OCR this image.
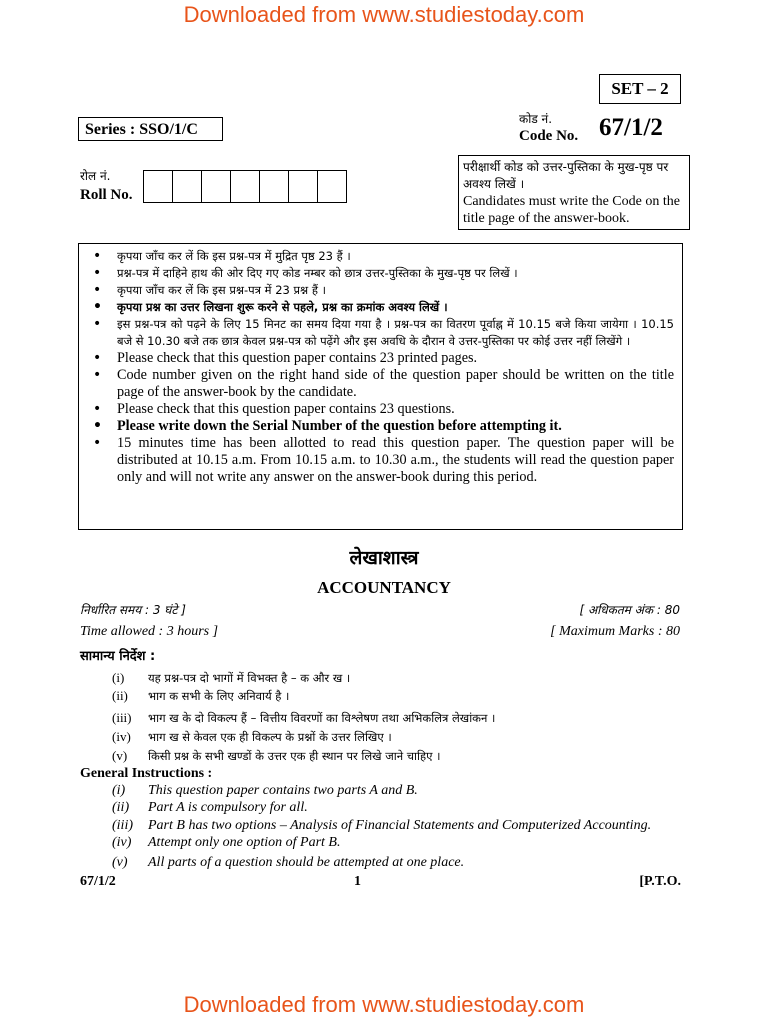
Downloaded from www.studiestoday.com
SET – 2
Series : SSO/1/C
कोड नं.
Code No. 67/1/2
रोल नं.
Roll No.
परीक्षार्थी कोड को उत्तर-पुस्तिका के मुख-पृष्ठ पर अवश्य लिखें ।
Candidates must write the Code on the title page of the answer-book.
• कृपया जाँच कर लें कि इस प्रश्न-पत्र में मुद्रित पृष्ठ 23 हैं ।
• प्रश्न-पत्र में दाहिने हाथ की ओर दिए गए कोड नम्बर को छात्र उत्तर-पुस्तिका के मुख-पृष्ठ पर लिखें ।
• कृपया जाँच कर लें कि इस प्रश्न-पत्र में 23 प्रश्न हैं ।
• कृपया प्रश्न का उत्तर लिखना शुरू करने से पहले, प्रश्न का क्रमांक अवश्य लिखें ।
• इस प्रश्न-पत्र को पढ़ने के लिए 15 मिनट का समय दिया गया है । प्रश्न-पत्र का वितरण पूर्वाह्न में 10.15 बजे किया जायेगा । 10.15 बजे से 10.30 बजे तक छात्र केवल प्रश्न-पत्र को पढ़ेंगे और इस अवधि के दौरान वे उत्तर-पुस्तिका पर कोई उत्तर नहीं लिखेंगे ।
• Please check that this question paper contains 23 printed pages.
• Code number given on the right hand side of the question paper should be written on the title page of the answer-book by the candidate.
• Please check that this question paper contains 23 questions.
• Please write down the Serial Number of the question before attempting it.
• 15 minutes time has been allotted to read this question paper. The question paper will be distributed at 10.15 a.m. From 10.15 a.m. to 10.30 a.m., the students will read the question paper only and will not write any answer on the answer-book during this period.
लेखाशास्त्र
ACCOUNTANCY
निर्धारित समय : 3 घंटे ]	[ अधिकतम अंक : 80
Time allowed : 3 hours ]	[ Maximum Marks : 80
सामान्य निर्देश :
(i) यह प्रश्न-पत्र दो भागों में विभक्त है – क और ख ।
(ii) भाग क सभी के लिए अनिवार्य है ।
(iii) भाग ख के दो विकल्प हैं – वित्तीय विवरणों का विश्लेषण तथा अभिकलित्र लेखांकन ।
(iv) भाग ख से केवल एक ही विकल्प के प्रश्नों के उत्तर लिखिए ।
(v) किसी प्रश्न के सभी खण्डों के उत्तर एक ही स्थान पर लिखे जाने चाहिए ।
General Instructions :
(i) This question paper contains two parts A and B.
(ii) Part A is compulsory for all.
(iii) Part B has two options – Analysis of Financial Statements and Computerized Accounting.
(iv) Attempt only one option of Part B.
(v) All parts of a question should be attempted at one place.
67/1/2	1	[P.T.O.
Downloaded from www.studiestoday.com
